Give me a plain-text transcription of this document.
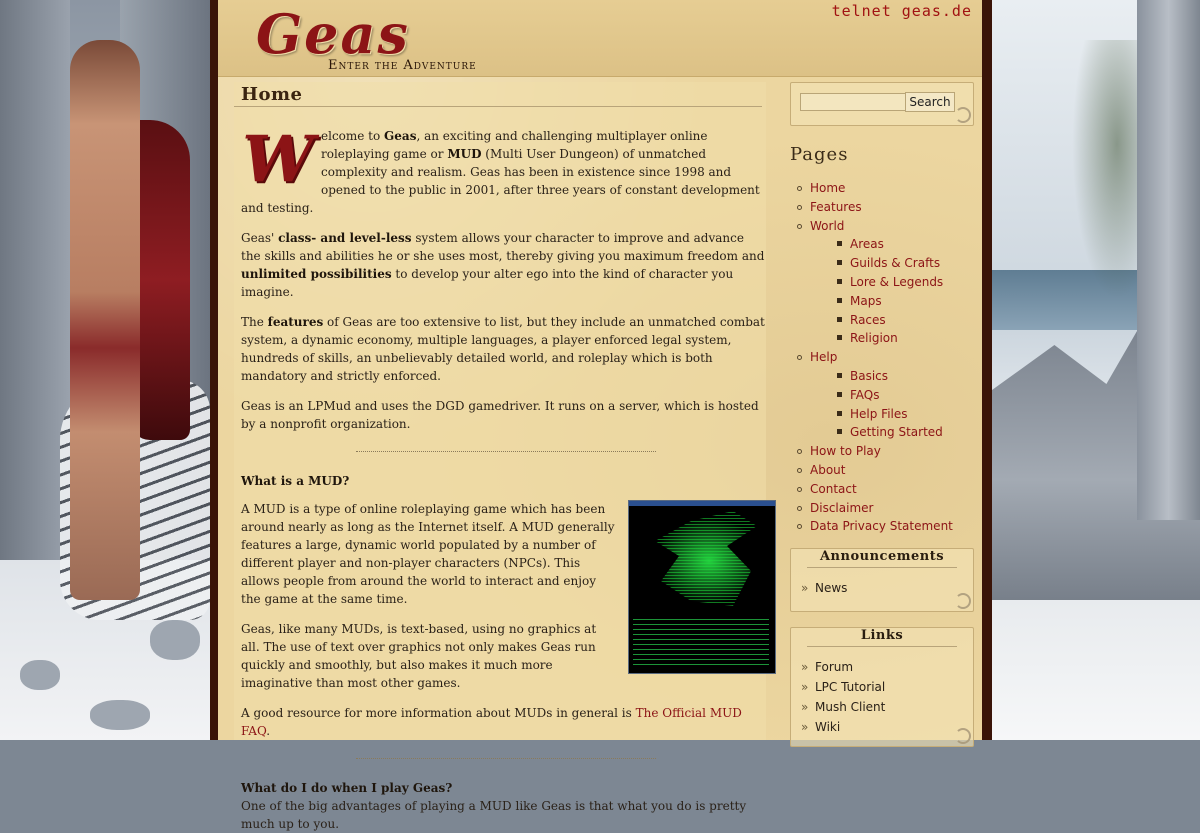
Geas
Enter the Adventure
telnet geas.de
Home
W elcome to Geas, an exciting and challenging multiplayer online roleplaying game or MUD (Multi User Dungeon) of unmatched complexity and realism. Geas has been in existence since 1998 and opened to the public in 2001, after three years of constant development and testing.

Geas' class- and level-less system allows your character to improve and advance the skills and abilities he or she uses most, thereby giving you maximum freedom and unlimited possibilities to develop your alter ego into the kind of character you imagine.

The features of Geas are too extensive to list, but they include an unmatched combat system, a dynamic economy, multiple languages, a player enforced legal system, hundreds of skills, an unbelievably detailed world, and roleplay which is both mandatory and strictly enforced.

Geas is an LPMud and uses the DGD gamedriver. It runs on a server, which is hosted by a nonprofit organization.

What is a MUD?

A MUD is a type of online roleplaying game which has been around nearly as long as the Internet itself. A MUD generally features a large, dynamic world populated by a number of different player and non-player characters (NPCs). This allows people from around the world to interact and enjoy the game at the same time.

Geas, like many MUDs, is text-based, using no graphics at all. The use of text over graphics not only makes Geas run quickly and smoothly, but also makes it much more imaginative than most other games.

A good resource for more information about MUDs in general is The Official MUD FAQ.

What do I do when I play Geas?

One of the big advantages of playing a MUD like Geas is that what you do is pretty much up to you.

Search
Pages
Home
Features
World
Areas
Guilds & Crafts
Lore & Legends
Maps
Races
Religion
Help
Basics
FAQs
Help Files
Getting Started
How to Play
About
Contact
Disclaimer
Data Privacy Statement
Announcements
» News
Links
» Forum
» LPC Tutorial
» Mush Client
» Wiki
